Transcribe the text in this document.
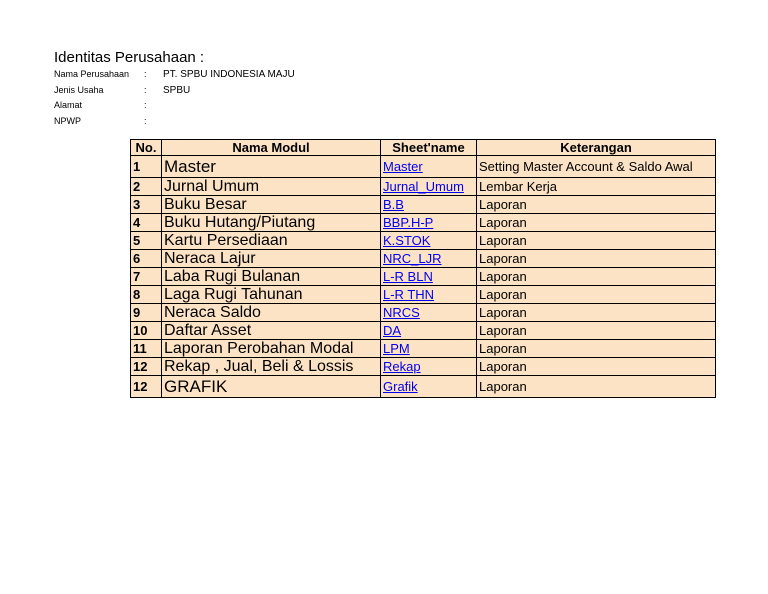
Identitas Perusahaan :
Nama Perusahaan	: PT. SPBU INDONESIA MAJU
Jenis Usaha	: SPBU
Alamat	:
NPWP	:
No.	Nama Modul	Sheet'name	Keterangan
1	Master	Master	Setting Master Account & Saldo Awal
2	Jurnal Umum	Jurnal_Umum	Lembar Kerja
3	Buku Besar	B.B	Laporan
4	Buku Hutang/Piutang	BBP.H-P	Laporan
5	Kartu Persediaan	K.STOK	Laporan
6	Neraca Lajur	NRC_LJR	Laporan
7	Laba Rugi Bulanan	L-R BLN	Laporan
8	Laga Rugi Tahunan	L-R THN	Laporan
9	Neraca Saldo	NRCS	Laporan
10	Daftar Asset	DA	Laporan
11	Laporan Perobahan Modal	LPM	Laporan
12	Rekap , Jual, Beli & Lossis	Rekap	Laporan
12	GRAFIK	Grafik	Laporan
